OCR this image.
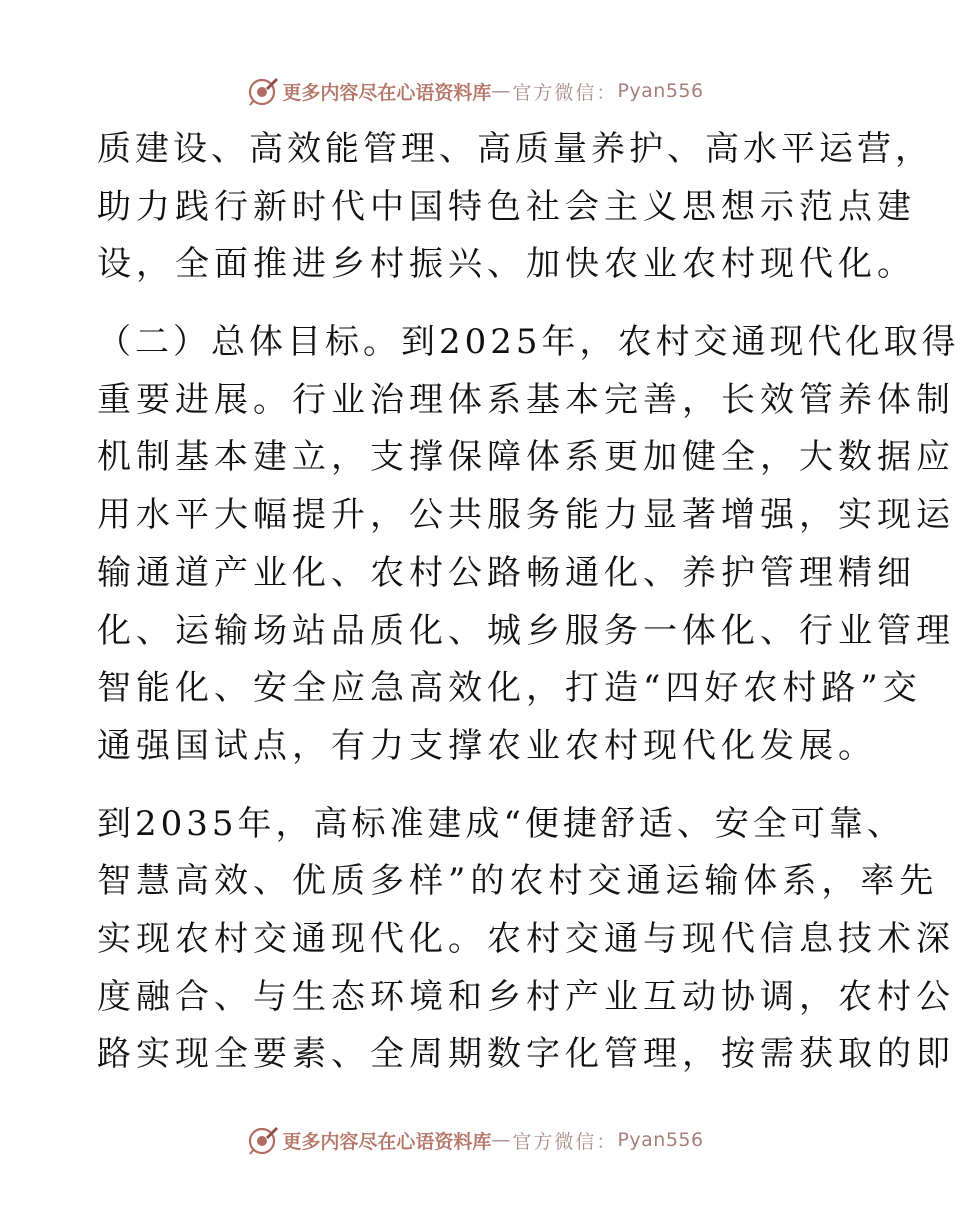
更多内容尽在心语资料库 — 官方微信： Pyan556
质建设、高效能管理、高质量养护、高水平运营，
助力践行新时代中国特色社会主义思想示范点建
设，全面推进乡村振兴、加快农业农村现代化。
（二）总体目标。到2025年，农村交通现代化取得
重要进展。行业治理体系基本完善，长效管养体制
机制基本建立，支撑保障体系更加健全，大数据应
用水平大幅提升，公共服务能力显著增强，实现运
输通道产业化、农村公路畅通化、养护管理精细
化、运输场站品质化、城乡服务一体化、行业管理
智能化、安全应急高效化，打造“四好农村路”交
通强国试点，有力支撑农业农村现代化发展。
到2035年，高标准建成“便捷舒适、安全可靠、
智慧高效、优质多样”的农村交通运输体系，率先
实现农村交通现代化。农村交通与现代信息技术深
度融合、与生态环境和乡村产业互动协调，农村公
路实现全要素、全周期数字化管理，按需获取的即
更多内容尽在心语资料库 — 官方微信： Pyan556
